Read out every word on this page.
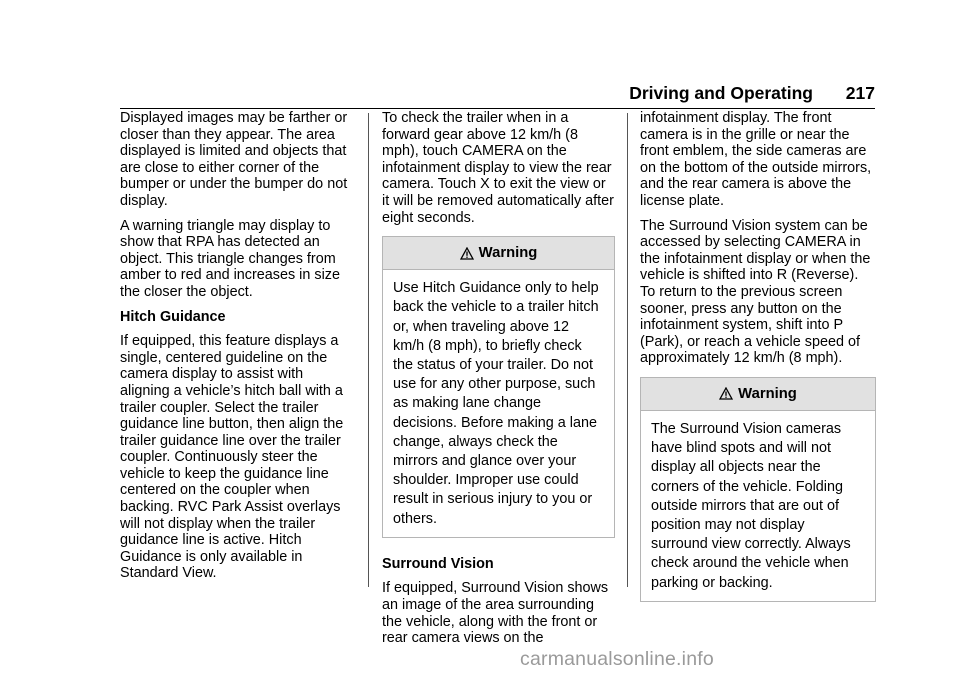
Driving and Operating 217

Displayed images may be farther or closer than they appear. The area displayed is limited and objects that are close to either corner of the bumper or under the bumper do not display.

A warning triangle may display to show that RPA has detected an object. This triangle changes from amber to red and increases in size the closer the object.

Hitch Guidance

If equipped, this feature displays a single, centered guideline on the camera display to assist with aligning a vehicle’s hitch ball with a trailer coupler. Select the trailer guidance line button, then align the trailer guidance line over the trailer coupler. Continuously steer the vehicle to keep the guidance line centered on the coupler when backing. RVC Park Assist overlays will not display when the trailer guidance line is active. Hitch Guidance is only available in Standard View.

To check the trailer when in a forward gear above 12 km/h (8 mph), touch CAMERA on the infotainment display to view the rear camera. Touch X to exit the view or it will be removed automatically after eight seconds.

Warning
Use Hitch Guidance only to help back the vehicle to a trailer hitch or, when traveling above 12 km/h (8 mph), to briefly check the status of your trailer. Do not use for any other purpose, such as making lane change decisions. Before making a lane change, always check the mirrors and glance over your shoulder. Improper use could result in serious injury to you or others.

Surround Vision

If equipped, Surround Vision shows an image of the area surrounding the vehicle, along with the front or rear camera views on the

infotainment display. The front camera is in the grille or near the front emblem, the side cameras are on the bottom of the outside mirrors, and the rear camera is above the license plate.

The Surround Vision system can be accessed by selecting CAMERA in the infotainment display or when the vehicle is shifted into R (Reverse). To return to the previous screen sooner, press any button on the infotainment system, shift into P (Park), or reach a vehicle speed of approximately 12 km/h (8 mph).

Warning
The Surround Vision cameras have blind spots and will not display all objects near the corners of the vehicle. Folding outside mirrors that are out of position may not display surround view correctly. Always check around the vehicle when parking or backing.
carmanualsonline.info
